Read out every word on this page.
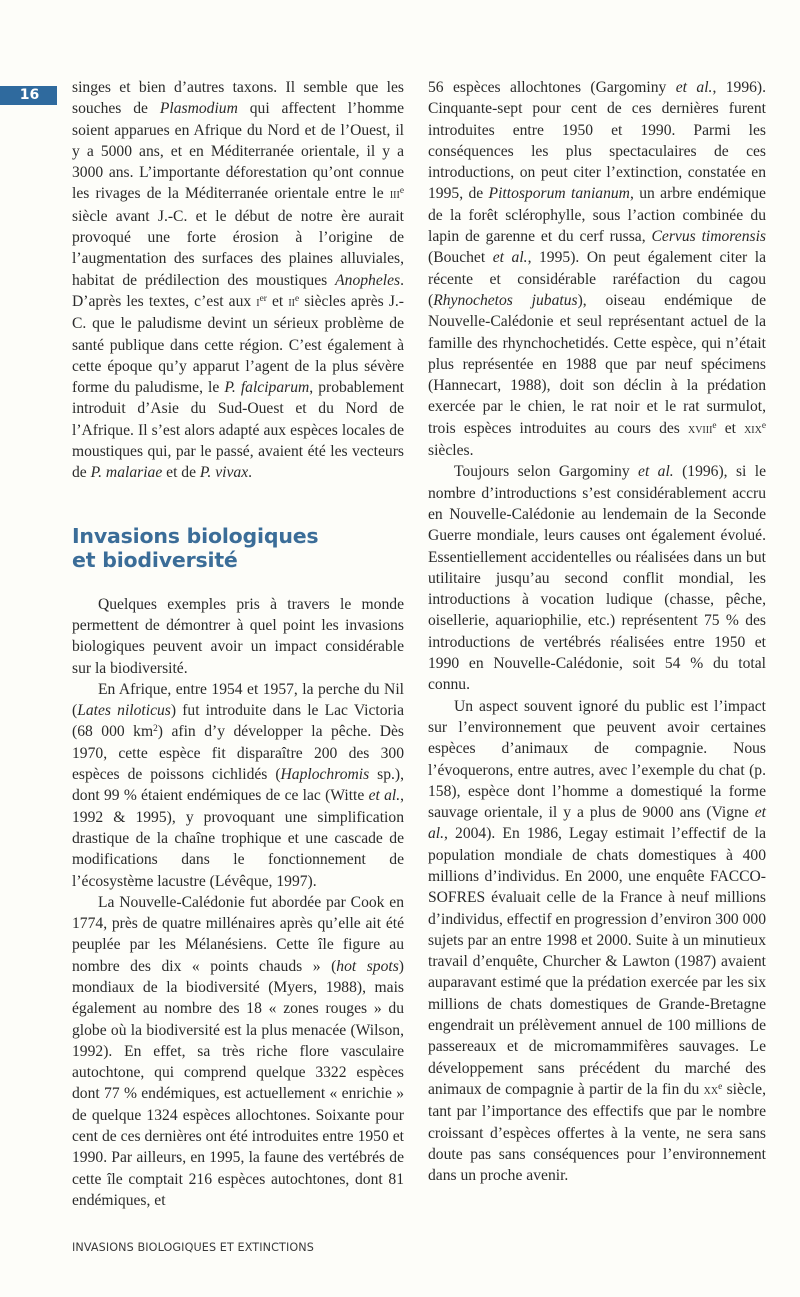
16	singes et bien d’autres taxons. Il semble que les souches de Plasmodium qui affectent l’homme soient apparues en Afrique du Nord et de l’Ouest, il y a 5000 ans, et en Méditerranée orientale, il y a 3000 ans. L’importante déforestation qu’ont connue les rivages de la Méditerranée orientale entre le iii$^e$ siècle avant J.-C. et le début de notre ère aurait provoqué une forte érosion à l’origine de l’augmentation des surfaces des plaines alluviales, habitat de prédilection des moustiques Anopheles. D’après les textes, c’est aux $i^{er}$ et $ii^e$ siècles après J.-C. que le paludisme devint un sérieux problème de santé publique dans cette région. C’est également à cette époque qu’y apparut l’agent de la plus sévère forme du paludisme, le P. falciparum, probablement introduit d’Asie du Sud-Ouest et du Nord de l’Afrique. Il s’est alors adapté aux espèces locales de moustiques qui, par le passé, avaient été les vecteurs de P. malariae et de P. vivax.

Invasions biologiques
et biodiversité

Quelques exemples pris à travers le monde permettent de démontrer à quel point les invasions biologiques peuvent avoir un impact considérable sur la biodiversité.

En Afrique, entre 1954 et 1957, la perche du Nil (Lates niloticus) fut introduite dans le Lac Victoria (68 000 $km^2$) afin d’y développer la pêche. Dès 1970, cette espèce fit disparaître 200 des 300 espèces de poissons cichlidés (Haplochromis sp.), dont 99 % étaient endémiques de ce lac (Witte et al., 1992 & 1995), y provoquant une simplification drastique de la chaîne trophique et une cascade de modifications dans le fonctionnement de l’écosystème lacustre (Lévêque, 1997).

La Nouvelle-Calédonie fut abordée par Cook en 1774, près de quatre millénaires après qu’elle ait été peuplée par les Mélanésiens. Cette île figure au nombre des dix « points chauds » (hot spots) mondiaux de la biodiversité (Myers, 1988), mais également au nombre des 18 « zones rouges » du globe où la biodiversité est la plus menacée (Wilson, 1992). En effet, sa très riche flore vasculaire autochtone, qui comprend quelque 3322 espèces dont 77 % endémiques, est actuellement « enrichie » de quelque 1324 espèces allochtones. Soixante pour cent de ces dernières ont été introduites entre 1950 et 1990. Par ailleurs, en 1995, la faune des vertébrés de cette île comptait 216 espèces autochtones, dont 81 endémiques, et

56 espèces allochtones (Gargominy et al., 1996). Cinquante-sept pour cent de ces dernières furent introduites entre 1950 et 1990. Parmi les conséquences les plus spectaculaires de ces introductions, on peut citer l’extinction, constatée en 1995, de Pittosporum tanianum, un arbre endémique de la forêt sclérophylle, sous l’action combinée du lapin de garenne et du cerf russa, Cervus timorensis (Bouchet et al., 1995). On peut également citer la récente et considérable raréfaction du cagou (Rhynochetos jubatus), oiseau endémique de Nouvelle-Calédonie et seul représentant actuel de la famille des rhynchochetidés. Cette espèce, qui n’était plus représentée en 1988 que par neuf spécimens (Hannecart, 1988), doit son déclin à la prédation exercée par le chien, le rat noir et le rat surmulot, trois espèces introduites au cours des xviii$^e$ et xix$^e$ siècles.

Toujours selon Gargominy et al. (1996), si le nombre d’introductions s’est considérablement accru en Nouvelle-Calédonie au lendemain de la Seconde Guerre mondiale, leurs causes ont également évolué. Essentiellement accidentelles ou réalisées dans un but utilitaire jusqu’au second conflit mondial, les introductions à vocation ludique (chasse, pêche, oisellerie, aquariophilie, etc.) représentent 75 % des introductions de vertébrés réalisées entre 1950 et 1990 en Nouvelle-Calédonie, soit 54 % du total connu.

Un aspect souvent ignoré du public est l’impact sur l’environnement que peuvent avoir certaines espèces d’animaux de compagnie. Nous l’évoquerons, entre autres, avec l’exemple du chat (p. 158), espèce dont l’homme a domestiqué la forme sauvage orientale, il y a plus de 9000 ans (Vigne et al., 2004). En 1986, Legay estimait l’effectif de la population mondiale de chats domestiques à 400 millions d’individus. En 2000, une enquête FACCO-SOFRES évaluait celle de la France à neuf millions d’individus, effectif en progression d’environ 300 000 sujets par an entre 1998 et 2000. Suite à un minutieux travail d’enquête, Churcher & Lawton (1987) avaient auparavant estimé que la prédation exercée par les six millions de chats domestiques de Grande-Bretagne engendrait un prélèvement annuel de 100 millions de passereaux et de micromammifères sauvages. Le développement sans précédent du marché des animaux de compagnie à partir de la fin du $xx^e$ siècle, tant par l’importance des effectifs que par le nombre croissant d’espèces offertes à la vente, ne sera sans doute pas sans conséquences pour l’environnement dans un proche avenir.

INVASIONS BIOLOGIQUES ET EXTINCTIONS
